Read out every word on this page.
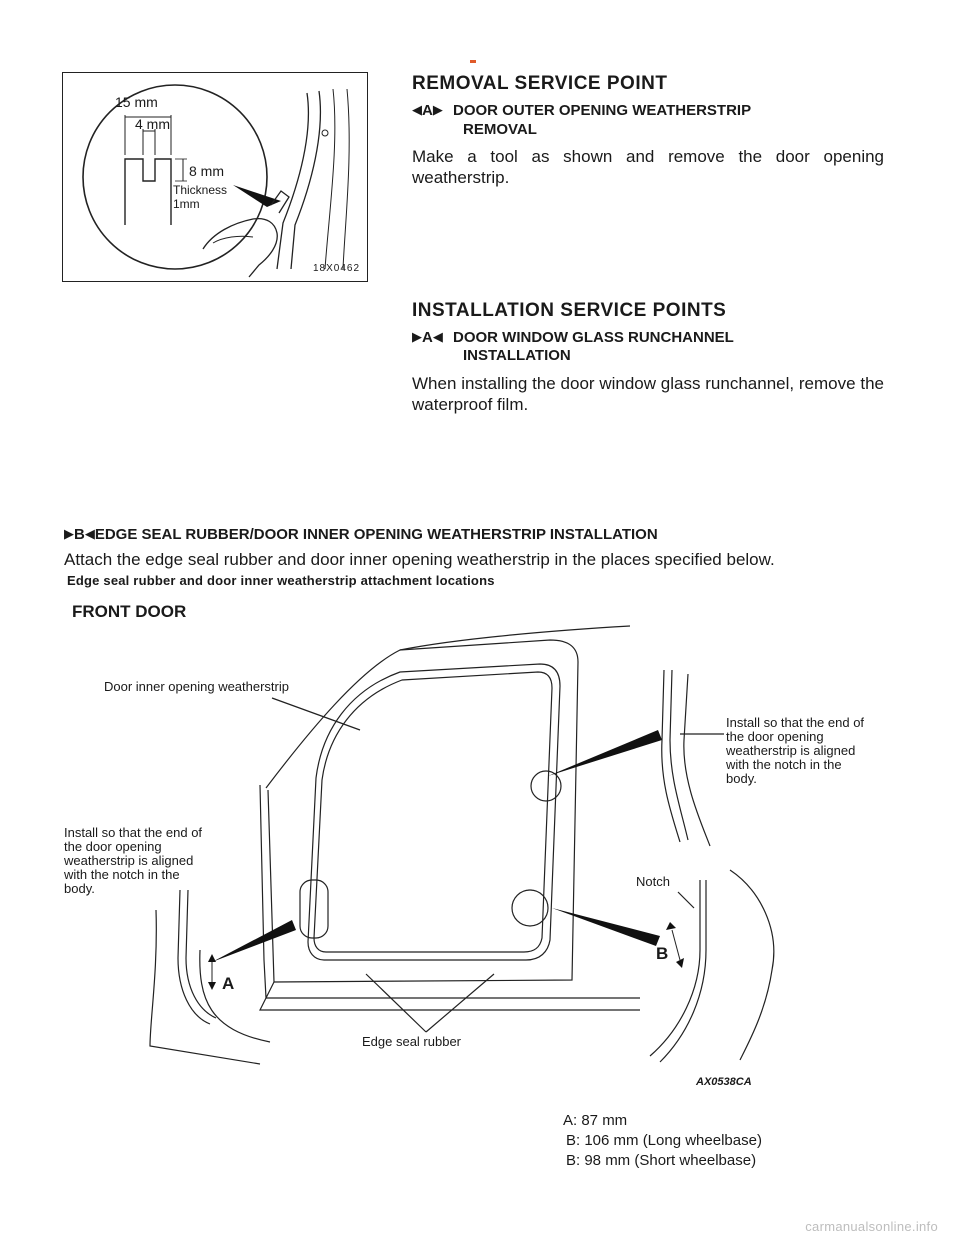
15 mm
4 mm
8 mm
Thickness
1mm
18X0462
REMOVAL SERVICE POINT
◀A▶ DOOR OUTER OPENING WEATHERSTRIP
REMOVAL
Make a tool as shown and remove the door opening weatherstrip.
INSTALLATION SERVICE POINTS
▶A◀ DOOR WINDOW GLASS RUNCHANNEL
INSTALLATION
When installing the door window glass runchannel, remove the waterproof film.
▶B◀EDGE SEAL RUBBER/DOOR INNER OPENING WEATHERSTRIP INSTALLATION
Attach the edge seal rubber and door inner opening weatherstrip in the places specified below.
Edge seal rubber and door inner weatherstrip attachment locations
FRONT DOOR
Door inner opening weatherstrip
Install so that the end of
the door opening
weatherstrip is aligned
with the notch in the
body.
Install so that the end of
the door opening
weatherstrip is aligned
with the notch in the
body.	Notch
A
B
Edge seal rubber
AX0538CA
A: 87 mm
B: 106 mm (Long wheelbase)
B: 98 mm (Short wheelbase)
carmanualsonline.info
